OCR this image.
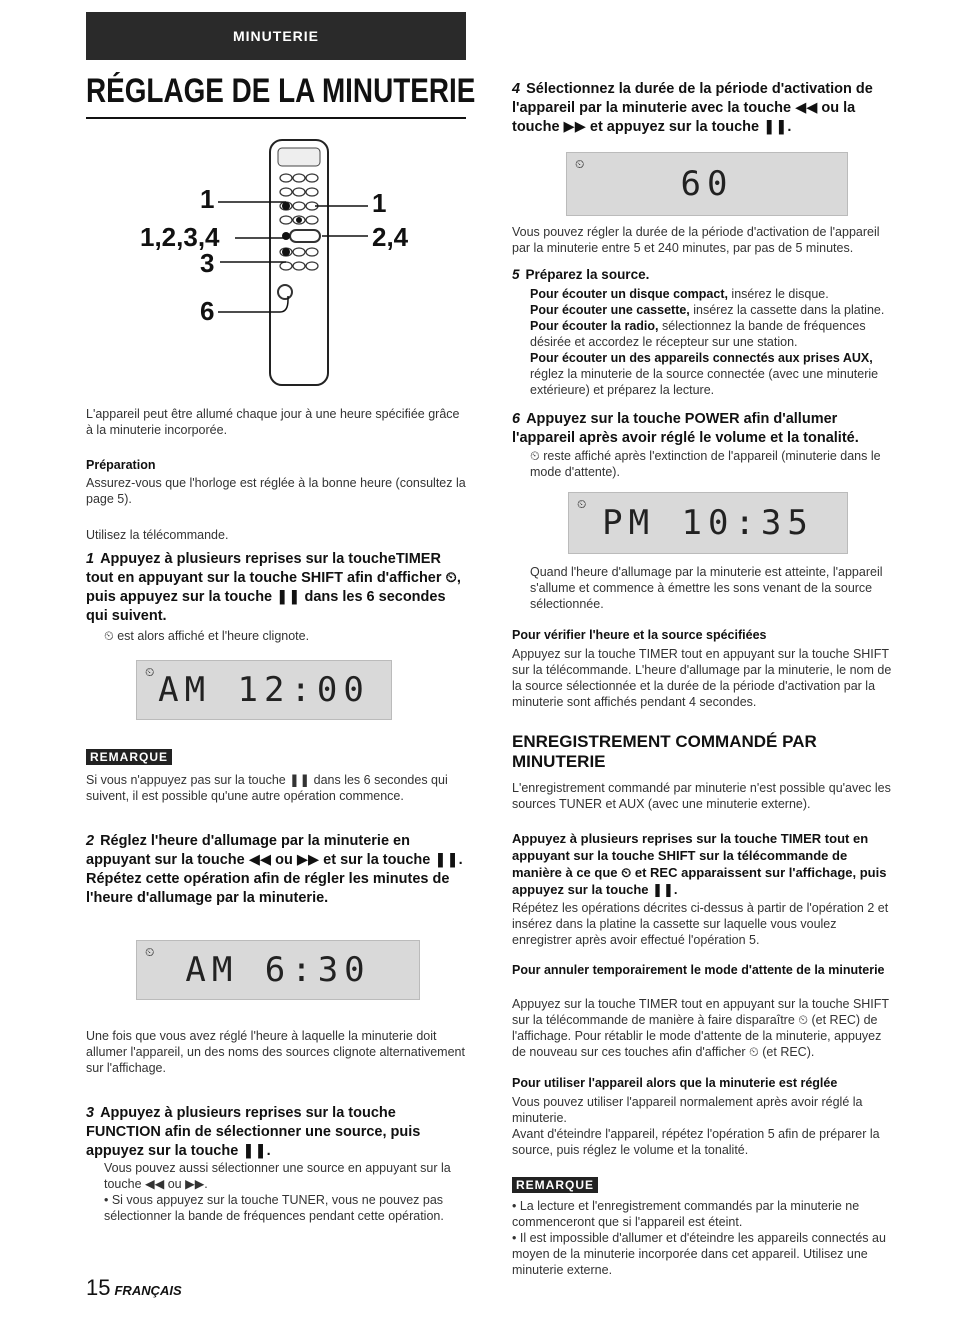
MINUTERIE
RÉGLAGE DE LA MINUTERIE
1
1,2,3,4
3
6
1
2,4
L'appareil peut être allumé chaque jour à une heure spécifiée grâce à la minuterie incorporée.
Préparation
Assurez-vous que l'horloge est réglée à la bonne heure (consultez la page 5).
Utilisez la télécommande.
1 Appuyez à plusieurs reprises sur la toucheTIMER tout en appuyant sur la touche SHIFT afin d'afficher ⏲, puis appuyez sur la touche ❚❚ dans les 6 secondes qui suivent.
⏲ est alors affiché et l'heure clignote.
⏲ AM 12:00
REMARQUE
Si vous n'appuyez pas sur la touche ❚❚ dans les 6 secondes qui suivent, il est possible qu'une autre opération commence.
2 Réglez l'heure d'allumage par la minuterie en appuyant sur la touche ◀◀ ou ▶▶ et sur la touche ❚❚. Répétez cette opération afin de régler les minutes de l'heure d'allumage par la minuterie.
⏲ AM 6:30
Une fois que vous avez réglé l'heure à laquelle la minuterie doit allumer l'appareil, un des noms des sources clignote alternativement sur l'affichage.
3 Appuyez à plusieurs reprises sur la touche FUNCTION afin de sélectionner une source, puis appuyez sur la touche ❚❚.
Vous pouvez aussi sélectionner une source en appuyant sur la touche ◀◀ ou ▶▶.
• Si vous appuyez sur la touche TUNER, vous ne pouvez pas sélectionner la bande de fréquences pendant cette opération.
4 Sélectionnez la durée de la période d'activation de l'appareil par la minuterie avec la touche ◀◀ ou la touche ▶▶ et appuyez sur la touche ❚❚.
⏲	60
Vous pouvez régler la durée de la période d'activation de l'appareil par la minuterie entre 5 et 240 minutes, par pas de 5 minutes.
5 Préparez la source.
Pour écouter un disque compact, insérez le disque.
Pour écouter une cassette, insérez la cassette dans la platine.
Pour écouter la radio, sélectionnez la bande de fréquences désirée et accordez le récepteur sur une station.
Pour écouter un des appareils connectés aux prises AUX, réglez la minuterie de la source connectée (avec une minuterie extérieure) et préparez la lecture.
6 Appuyez sur la touche POWER afin d'allumer l'appareil après avoir réglé le volume et la tonalité.
⏲ reste affiché après l'extinction de l'appareil (minuterie dans le mode d'attente).
⏲ PM 10:35
Quand l'heure d'allumage par la minuterie est atteinte, l'appareil s'allume et commence à émettre les sons venant de la source sélectionnée.
Pour vérifier l'heure et la source spécifiées
Appuyez sur la touche TIMER tout en appuyant sur la touche SHIFT sur la télécommande. L'heure d'allumage par la minuterie, le nom de la source sélectionnée et la durée de la période d'activation par la minuterie sont affichés pendant 4 secondes.
ENREGISTREMENT COMMANDÉ PAR MINUTERIE
L'enregistrement commandé par minuterie n'est possible qu'avec les sources TUNER et AUX (avec une minuterie externe).
Appuyez à plusieurs reprises sur la touche TIMER tout en appuyant sur la touche SHIFT sur la télécommande de manière à ce que ⏲ et REC apparaissent sur l'affichage, puis appuyez sur la touche ❚❚.
Répétez les opérations décrites ci-dessus à partir de l'opération 2 et insérez dans la platine la cassette sur laquelle vous voulez enregistrer après avoir effectué l'opération 5.
Pour annuler temporairement le mode d'attente de la minuterie
Appuyez sur la touche TIMER tout en appuyant sur la touche SHIFT sur la télécommande de manière à faire disparaître ⏲ (et REC) de l'affichage. Pour rétablir le mode d'attente de la minuterie, appuyez de nouveau sur ces touches afin d'afficher ⏲ (et REC).
Pour utiliser l'appareil alors que la minuterie est réglée
Vous pouvez utiliser l'appareil normalement après avoir réglé la minuterie.
Avant d'éteindre l'appareil, répétez l'opération 5 afin de préparer la source, puis réglez le volume et la tonalité.
REMARQUE
• La lecture et l'enregistrement commandés par la minuterie ne commenceront que si l'appareil est éteint.
• Il est impossible d'allumer et d'éteindre les appareils connectés au moyen de la minuterie incorporée dans cet appareil. Utilisez une minuterie externe.
15 FRANÇAIS
